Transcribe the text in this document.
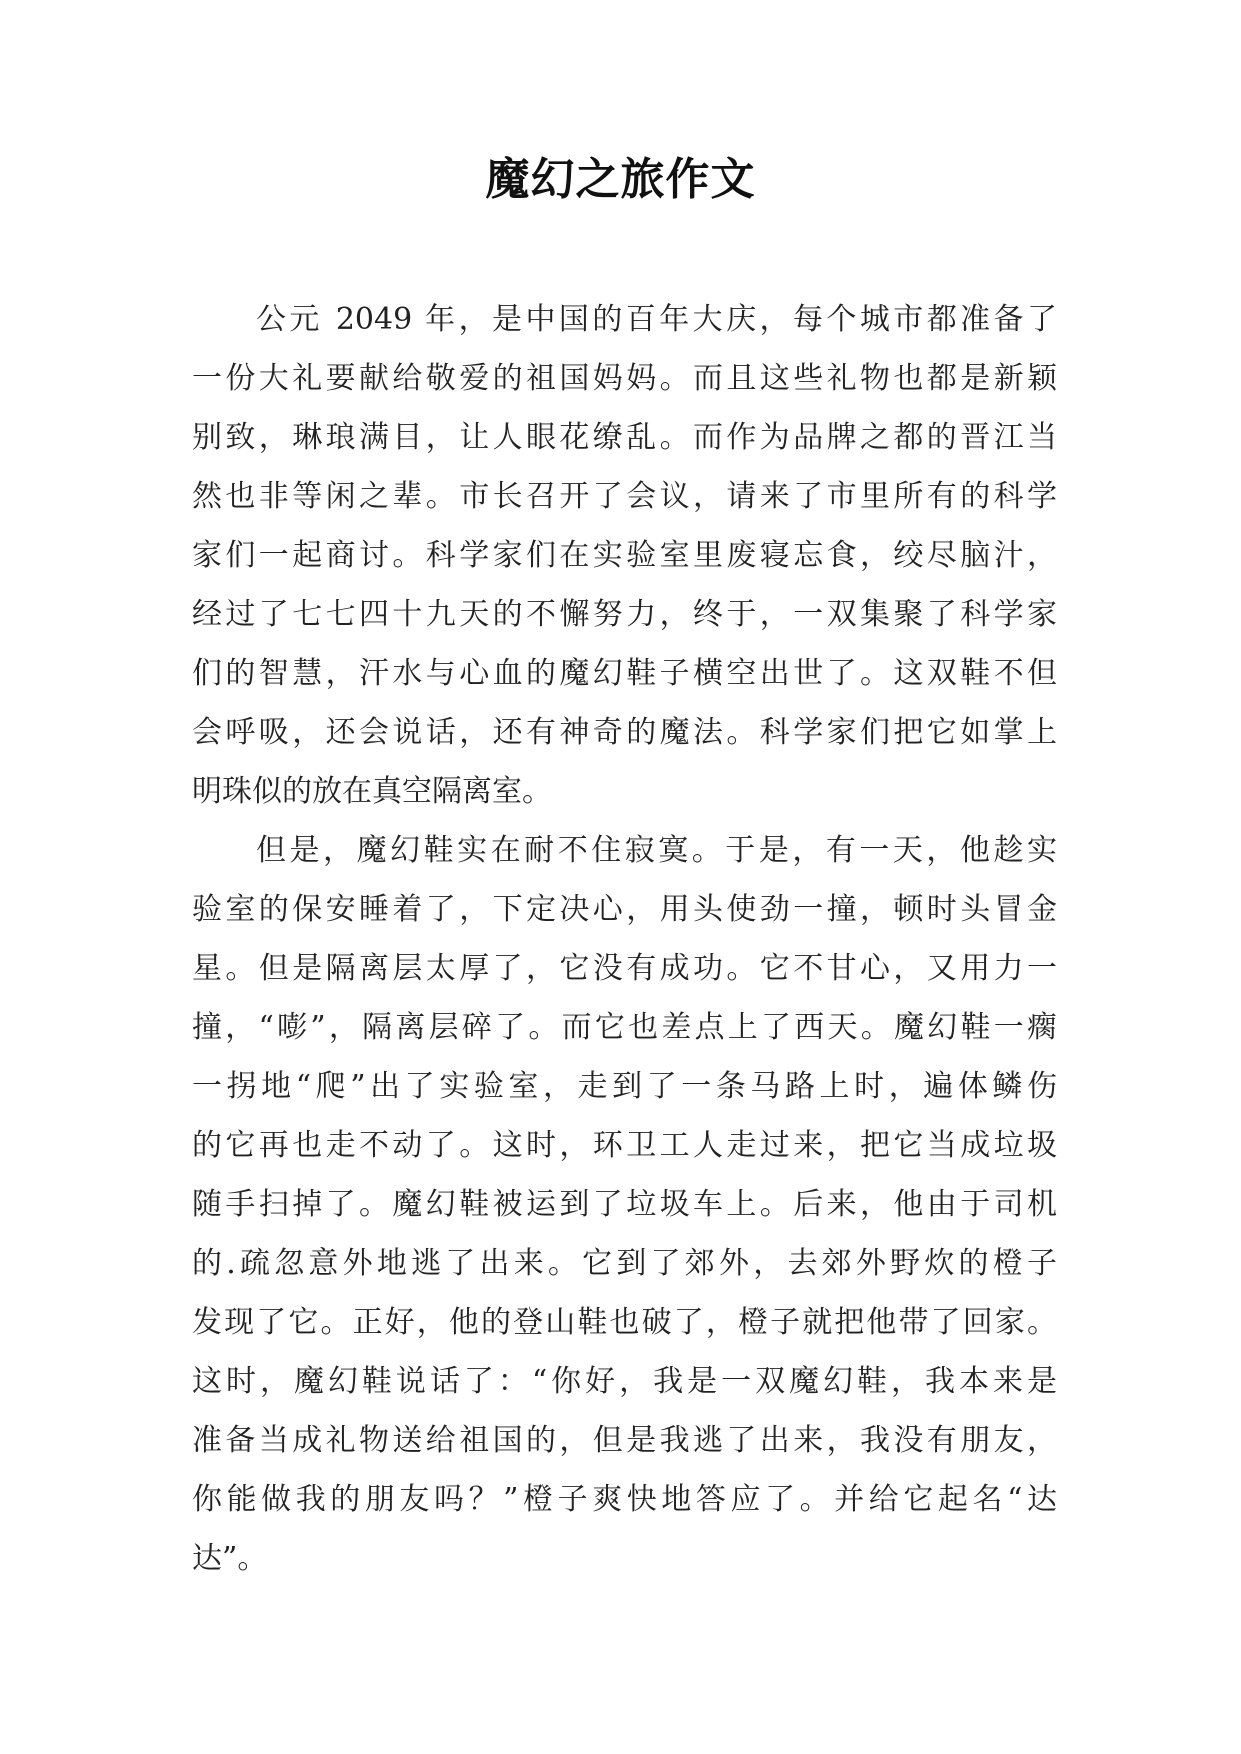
魔幻之旅作文
公元 2049 年，是中国的百年大庆，每个城市都准备了
一份大礼要献给敬爱的祖国妈妈。而且这些礼物也都是新颖
别致，琳琅满目，让人眼花缭乱。而作为品牌之都的晋江当
然也非等闲之辈。市长召开了会议，请来了市里所有的科学
家们一起商讨。科学家们在实验室里废寝忘食，绞尽脑汁，
经过了七七四十九天的不懈努力，终于，一双集聚了科学家
们的智慧，汗水与心血的魔幻鞋子横空出世了。这双鞋不但
会呼吸，还会说话，还有神奇的魔法。科学家们把它如掌上
明珠似的放在真空隔离室。
但是，魔幻鞋实在耐不住寂寞。于是，有一天，他趁实
验室的保安睡着了，下定决心，用头使劲一撞，顿时头冒金
星。但是隔离层太厚了，它没有成功。它不甘心，又用力一
撞，“嘭”，隔离层碎了。而它也差点上了西天。魔幻鞋一瘸
一拐地“爬”出了实验室，走到了一条马路上时，遍体鳞伤
的它再也走不动了。这时，环卫工人走过来，把它当成垃圾
随手扫掉了。魔幻鞋被运到了垃圾车上。后来，他由于司机
的.疏忽意外地逃了出来。它到了郊外，去郊外野炊的橙子
发现了它。正好，他的登山鞋也破了，橙子就把他带了回家。
这时，魔幻鞋说话了：“你好，我是一双魔幻鞋，我本来是
准备当成礼物送给祖国的，但是我逃了出来，我没有朋友，
你能做我的朋友吗？”橙子爽快地答应了。并给它起名“达
达”。
